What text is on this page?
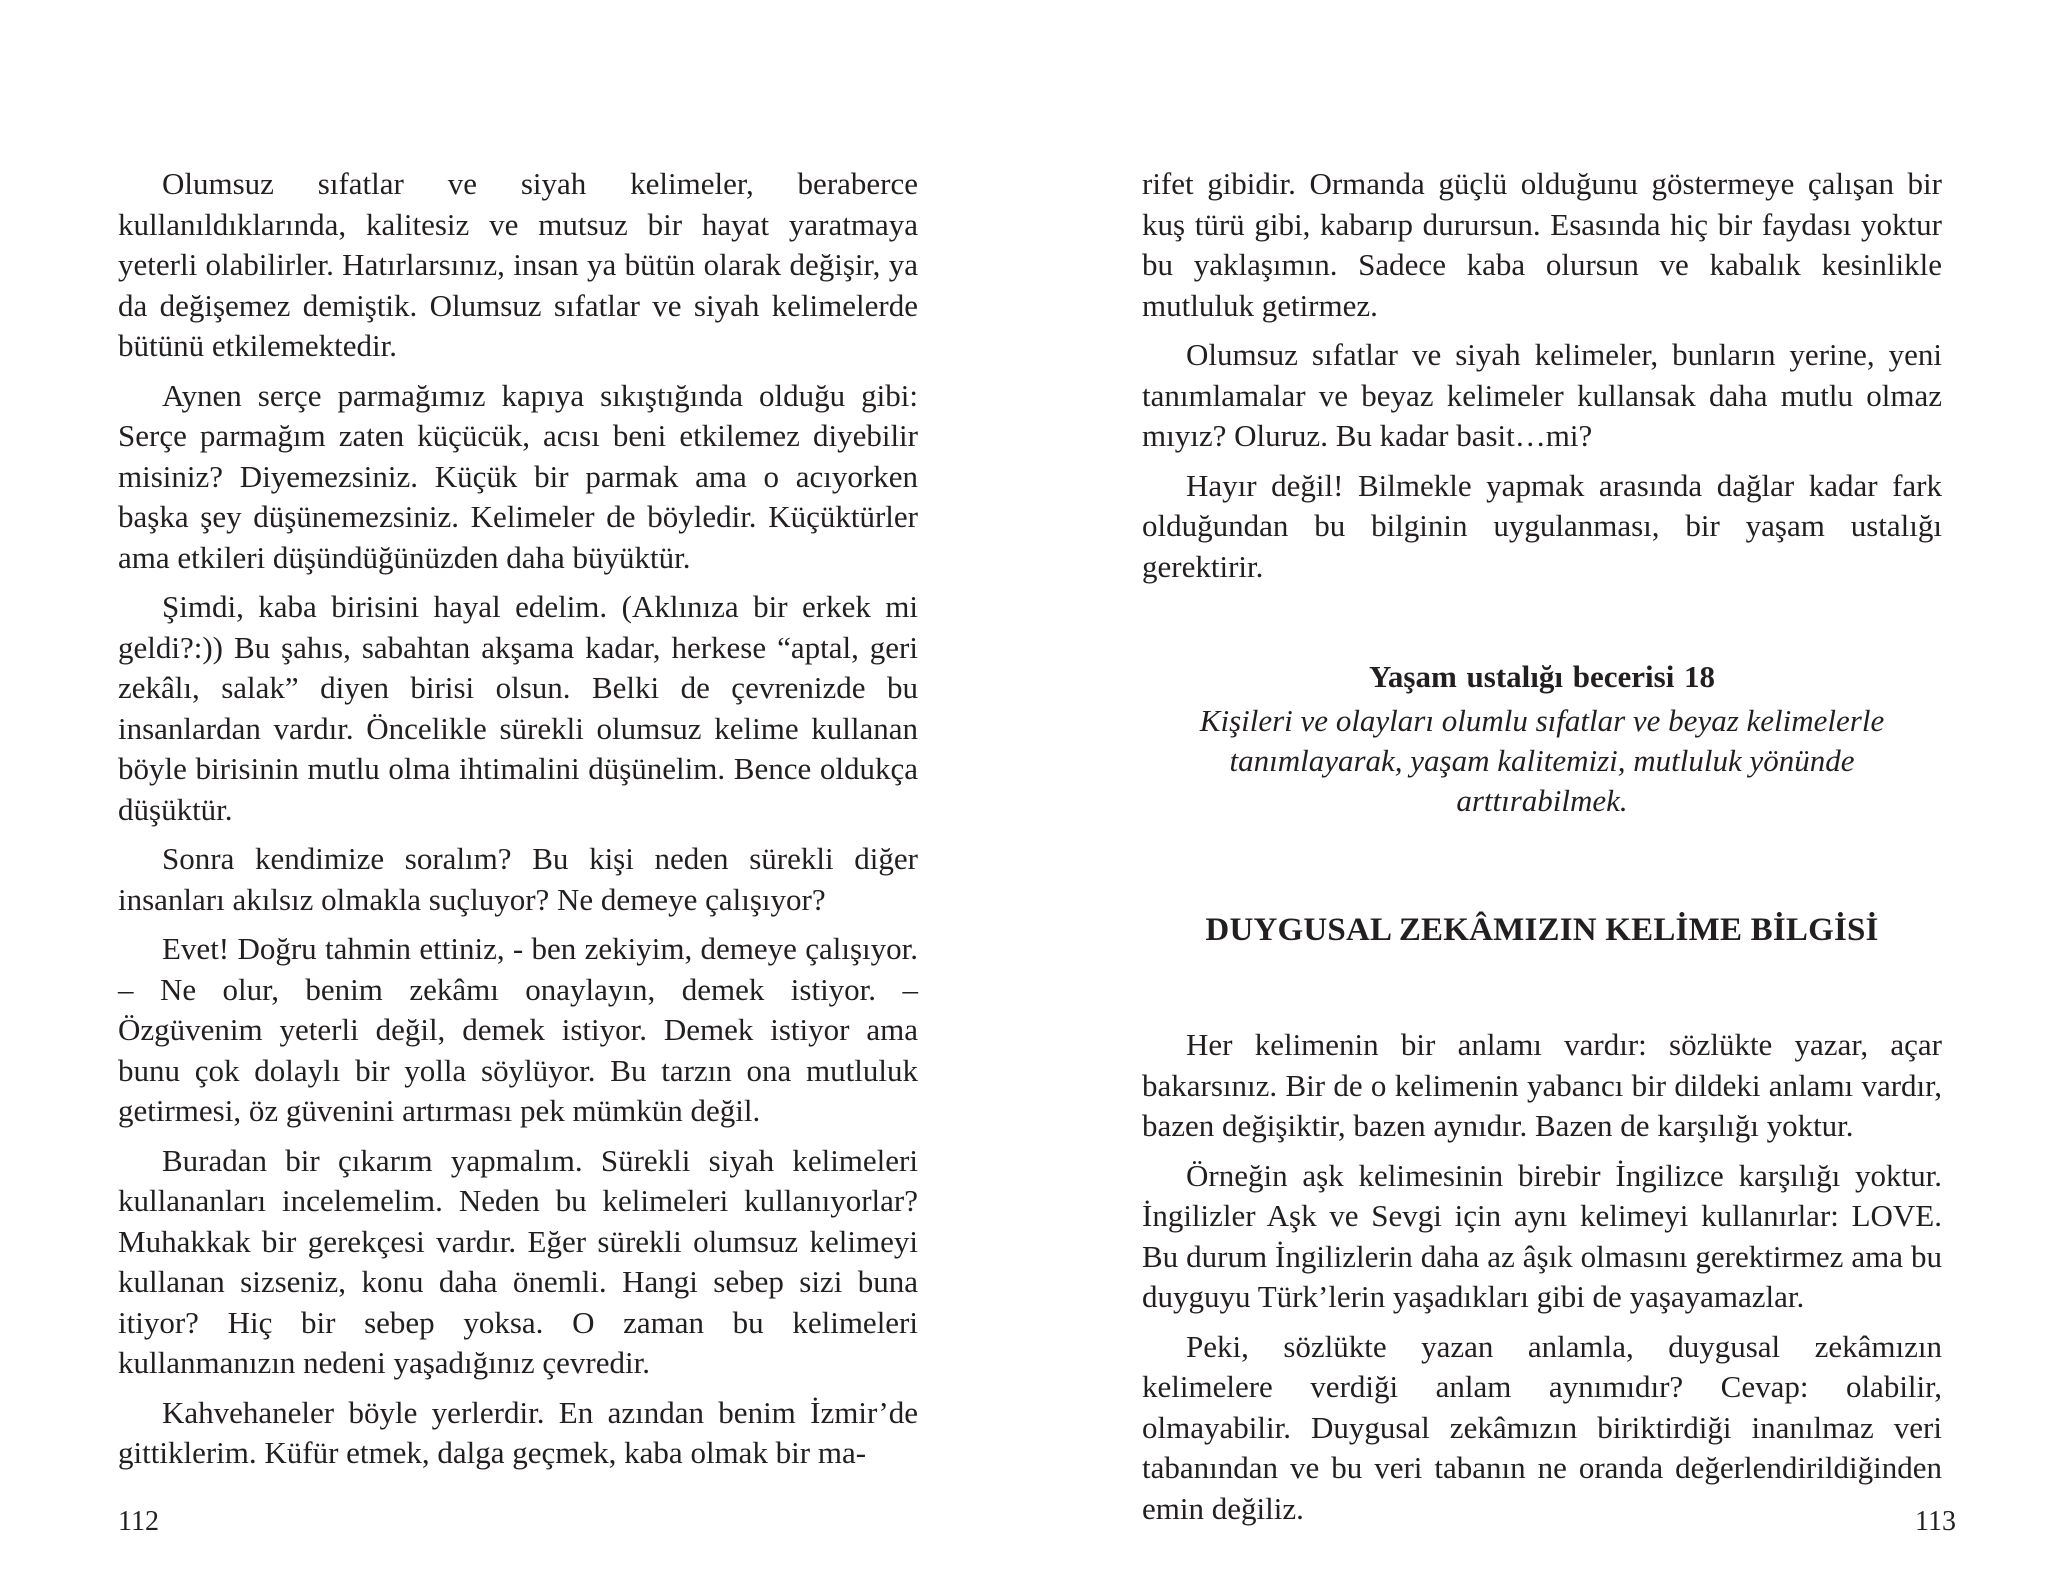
Olumsuz sıfatlar ve siyah kelimeler, beraberce kullanıldıklarında, kalitesiz ve mutsuz bir hayat yaratmaya yeterli olabilirler. Hatırlarsınız, insan ya bütün olarak değişir, ya da değişemez demiştik. Olumsuz sıfatlar ve siyah kelimelerde bütünü etkilemektedir.

Aynen serçe parmağımız kapıya sıkıştığında olduğu gibi: Serçe parmağım zaten küçücük, acısı beni etkilemez diyebilir misiniz? Diyemezsiniz. Küçük bir parmak ama o acıyorken başka şey düşünemezsiniz. Kelimeler de böyledir. Küçüktürler ama etkileri düşündüğünüzden daha büyüktür.

Şimdi, kaba birisini hayal edelim. (Aklınıza bir erkek mi geldi?:)) Bu şahıs, sabahtan akşama kadar, herkese “aptal, geri zekâlı, salak” diyen birisi olsun. Belki de çevrenizde bu insanlardan vardır. Öncelikle sürekli olumsuz kelime kullanan böyle birisinin mutlu olma ihtimalini düşünelim. Bence oldukça düşüktür.

Sonra kendimize soralım? Bu kişi neden sürekli diğer insanları akılsız olmakla suçluyor? Ne demeye çalışıyor?

Evet! Doğru tahmin ettiniz, - ben zekiyim, demeye çalışıyor. – Ne olur, benim zekâmı onaylayın, demek istiyor. – Özgüvenim yeterli değil, demek istiyor. Demek istiyor ama bunu çok dolaylı bir yolla söylüyor. Bu tarzın ona mutluluk getirmesi, öz güvenini artırması pek mümkün değil.

Buradan bir çıkarım yapmalım. Sürekli siyah kelimeleri kullananları incelemelim. Neden bu kelimeleri kullanıyorlar? Muhakkak bir gerekçesi vardır. Eğer sürekli olumsuz kelimeyi kullanan sizseniz, konu daha önemli. Hangi sebep sizi buna itiyor? Hiç bir sebep yoksa. O zaman bu kelimeleri kullanmanızın nedeni yaşadığınız çevredir.

Kahvehaneler böyle yerlerdir. En azından benim İzmir’de gittiklerim. Küfür etmek, dalga geçmek, kaba olmak bir ma-

112

rifet gibidir. Ormanda güçlü olduğunu göstermeye çalışan bir kuş türü gibi, kabarıp durursun. Esasında hiç bir faydası yoktur bu yaklaşımın. Sadece kaba olursun ve kabalık kesinlikle mutluluk getirmez.

Olumsuz sıfatlar ve siyah kelimeler, bunların yerine, yeni tanımlamalar ve beyaz kelimeler kullansak daha mutlu olmaz mıyız? Oluruz. Bu kadar basit…mi?

Hayır değil! Bilmekle yapmak arasında dağlar kadar fark olduğundan bu bilginin uygulanması, bir yaşam ustalığı gerektirir.

Yaşam ustalığı becerisi 18

Kişileri ve olayları olumlu sıfatlar ve beyaz kelimelerle tanımlayarak, yaşam kalitemizi, mutluluk yönünde arttırabilmek.

DUYGUSAL ZEKÂMIZIN KELİME BİLGİSİ

Her kelimenin bir anlamı vardır: sözlükte yazar, açar bakarsınız. Bir de o kelimenin yabancı bir dildeki anlamı vardır, bazen değişiktir, bazen aynıdır. Bazen de karşılığı yoktur.

Örneğin aşk kelimesinin birebir İngilizce karşılığı yoktur. İngilizler Aşk ve Sevgi için aynı kelimeyi kullanırlar: LOVE. Bu durum İngilizlerin daha az âşık olmasını gerektirmez ama bu duyguyu Türk’lerin yaşadıkları gibi de yaşayamazlar.

Peki, sözlükte yazan anlamla, duygusal zekâmızın kelimelere verdiği anlam aynımıdır? Cevap: olabilir, olmayabilir. Duygusal zekâmızın biriktirdiği inanılmaz veri tabanından ve bu veri tabanın ne oranda değerlendirildiğinden emin değiliz.	113
